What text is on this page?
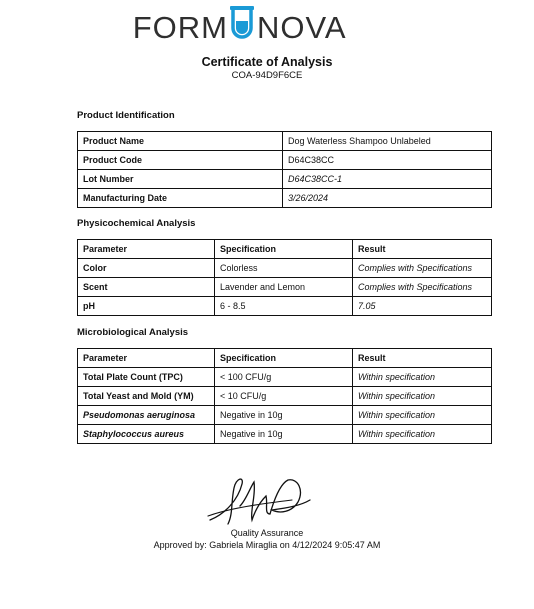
FORM NOVA
Certificate of Analysis
COA-94D9F6CE
Product Identification
Product Name	Dog Waterless Shampoo Unlabeled
Product Code	D64C38CC
Lot Number	D64C38CC-1
Manufacturing Date	3/26/2024
Physicochemical Analysis
Parameter	Specification	Result
Color	Colorless	Complies with Specifications
Scent	Lavender and Lemon	Complies with Specifications
pH	6 - 8.5	7.05
Microbiological Analysis
Parameter	Specification	Result
Total Plate Count (TPC)	< 100 CFU/g	Within specification
Total Yeast and Mold (YM)	< 10 CFU/g	Within specification
Pseudomonas aeruginosa	Negative in 10g	Within specification
Staphylococcus aureus	Negative in 10g	Within specification
Quality Assurance
Approved by: Gabriela Miraglia on 4/12/2024 9:05:47 AM
